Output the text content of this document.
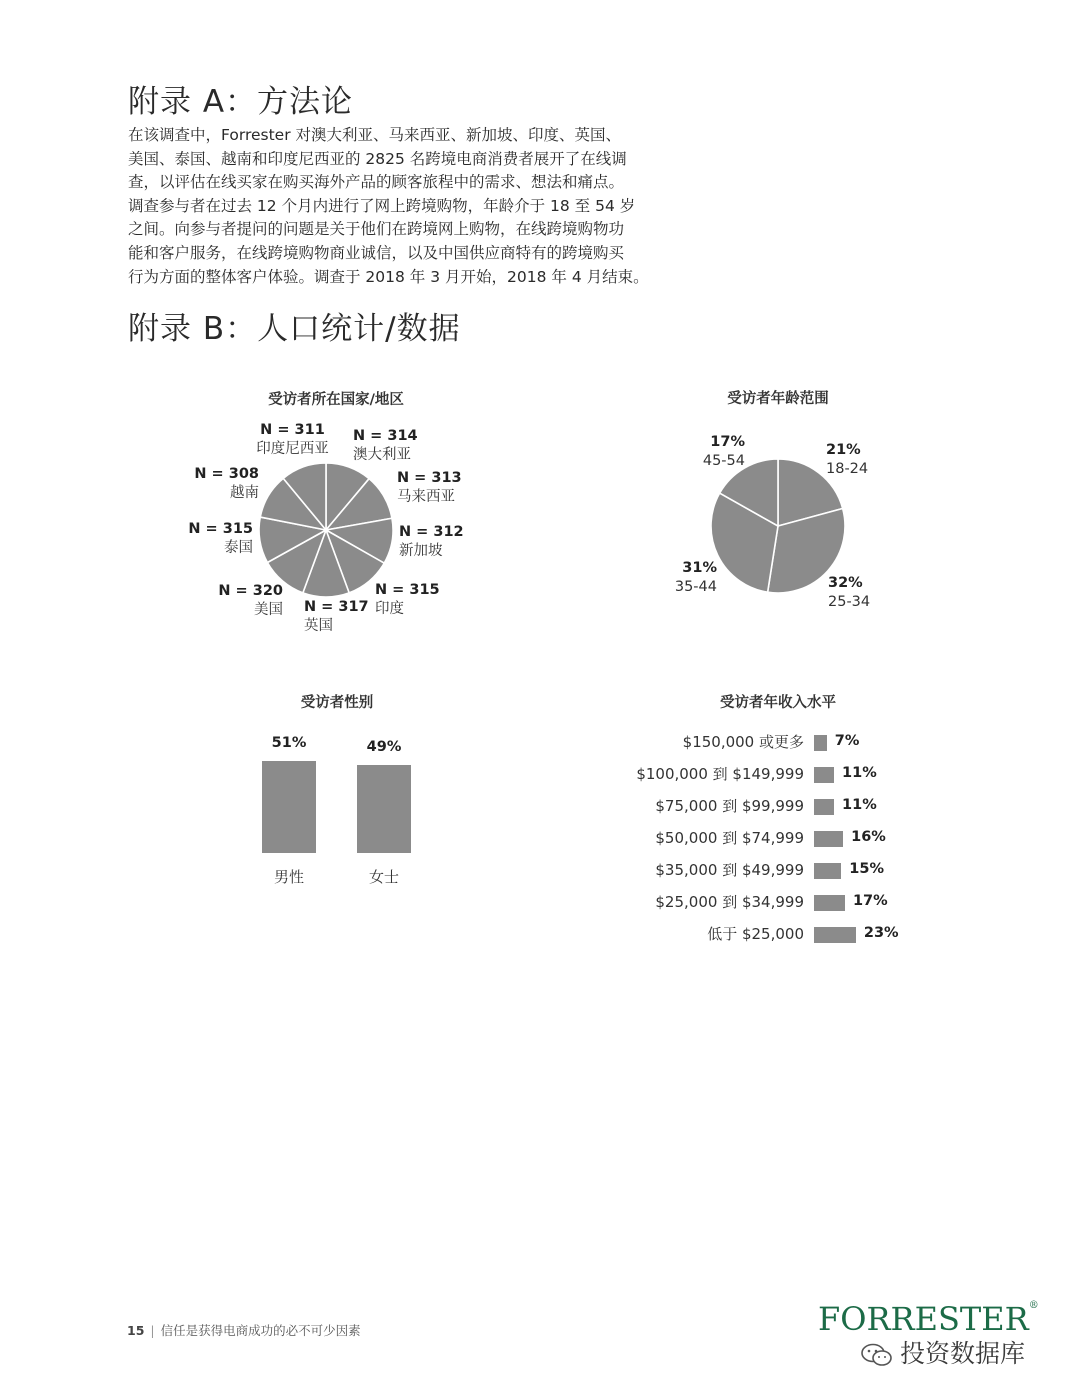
附录 A：方法论
在该调查中，Forrester 对澳大利亚、马来西亚、新加坡、印度、英国、
美国、泰国、越南和印度尼西亚的 2825 名跨境电商消费者展开了在线调
查，以评估在线买家在购买海外产品的顾客旅程中的需求、想法和痛点。
调查参与者在过去 12 个月内进行了网上跨境购物，年龄介于 18 至 54 岁
之间。向参与者提问的问题是关于他们在跨境网上购物，在线跨境购物功
能和客户服务，在线跨境购物商业诚信，以及中国供应商特有的跨境购买
行为方面的整体客户体验。调查于 2018 年 3 月开始，2018 年 4 月结束。
附录 B：人口统计/数据
受访者所在国家/地区
N = 311
印度尼西亚
N = 314
澳大利亚
N = 313
马来西亚
N = 312
新加坡
N = 315
印度
N = 317
英国
N = 320
美国
N = 315
泰国
N = 308
越南
受访者年龄范围
21%
18-24
32%
25-34
31%
35-44
17%
45-54
受访者性别
51%
男性
49%
女士
受访者年收入水平
$150,000 或更多 7%
$100,000 到 $149,999	11%
$75,000 到 $99,999	11%
$50,000 到 $74,999	16%
$35,000 到 $49,999	15%
$25,000 到 $34,999	17%
低于 $25,000	23%
15 | 信任是获得电商成功的必不可少因素	FORRESTER®
投资数据库
